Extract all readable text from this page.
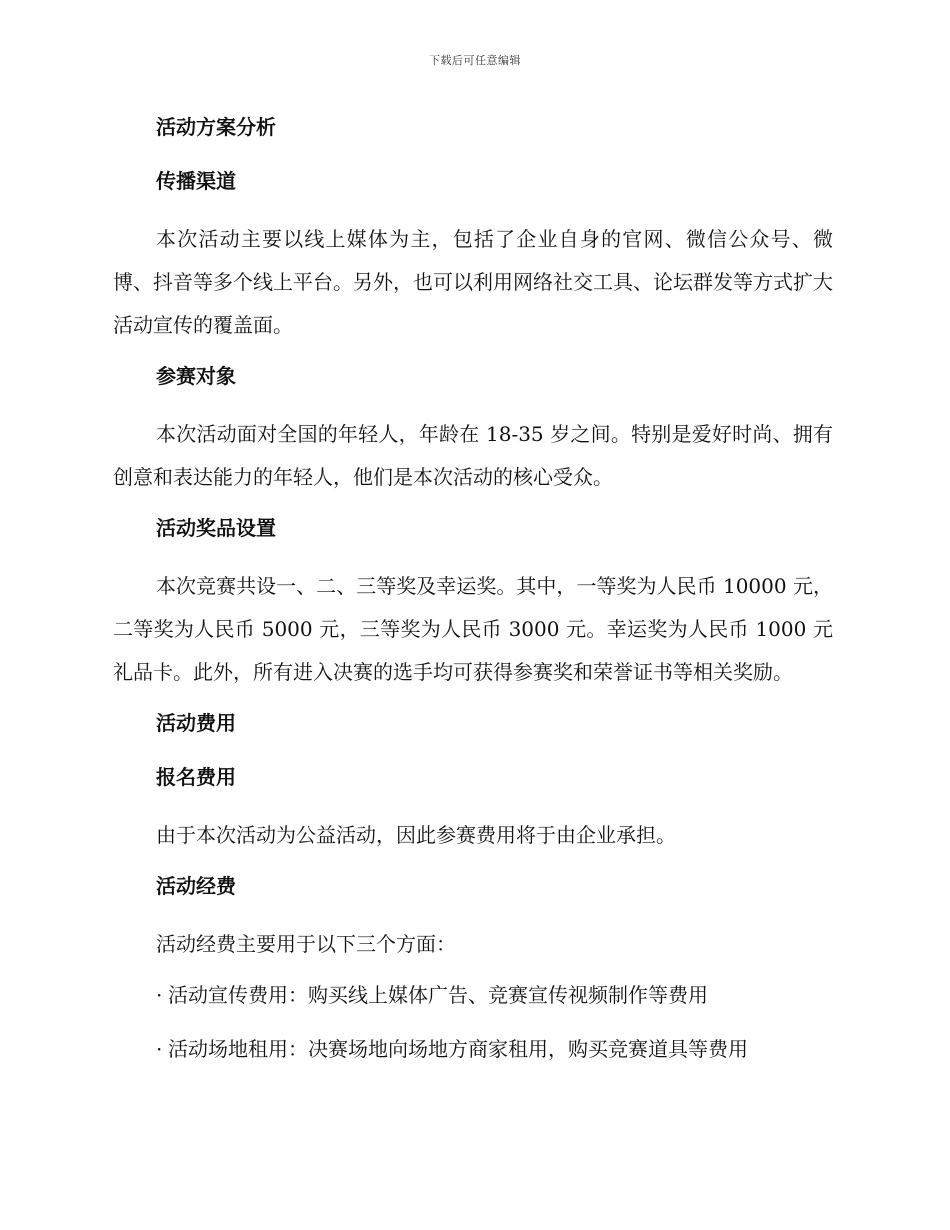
下载后可任意编辑
活动方案分析
传播渠道

本次活动主要以线上媒体为主，包括了企业自身的官网、微信公众号、微博、抖音等多个线上平台。另外，也可以利用网络社交工具、论坛群发等方式扩大活动宣传的覆盖面。

参赛对象

本次活动面对全国的年轻人，年龄在 18-35 岁之间。特别是爱好时尚、拥有创意和表达能力的年轻人，他们是本次活动的核心受众。

活动奖品设置

本次竞赛共设一、二、三等奖及幸运奖。其中，一等奖为人民币 10000 元，二等奖为人民币 5000 元，三等奖为人民币 3000 元。幸运奖为人民币 1000 元礼品卡。此外，所有进入决赛的选手均可获得参赛奖和荣誉证书等相关奖励。

活动费用
报名费用

由于本次活动为公益活动，因此参赛费用将于由企业承担。

活动经费

活动经费主要用于以下三个方面：

· 活动宣传费用：购买线上媒体广告、竞赛宣传视频制作等费用
· 活动场地租用：决赛场地向场地方商家租用，购买竞赛道具等费用
